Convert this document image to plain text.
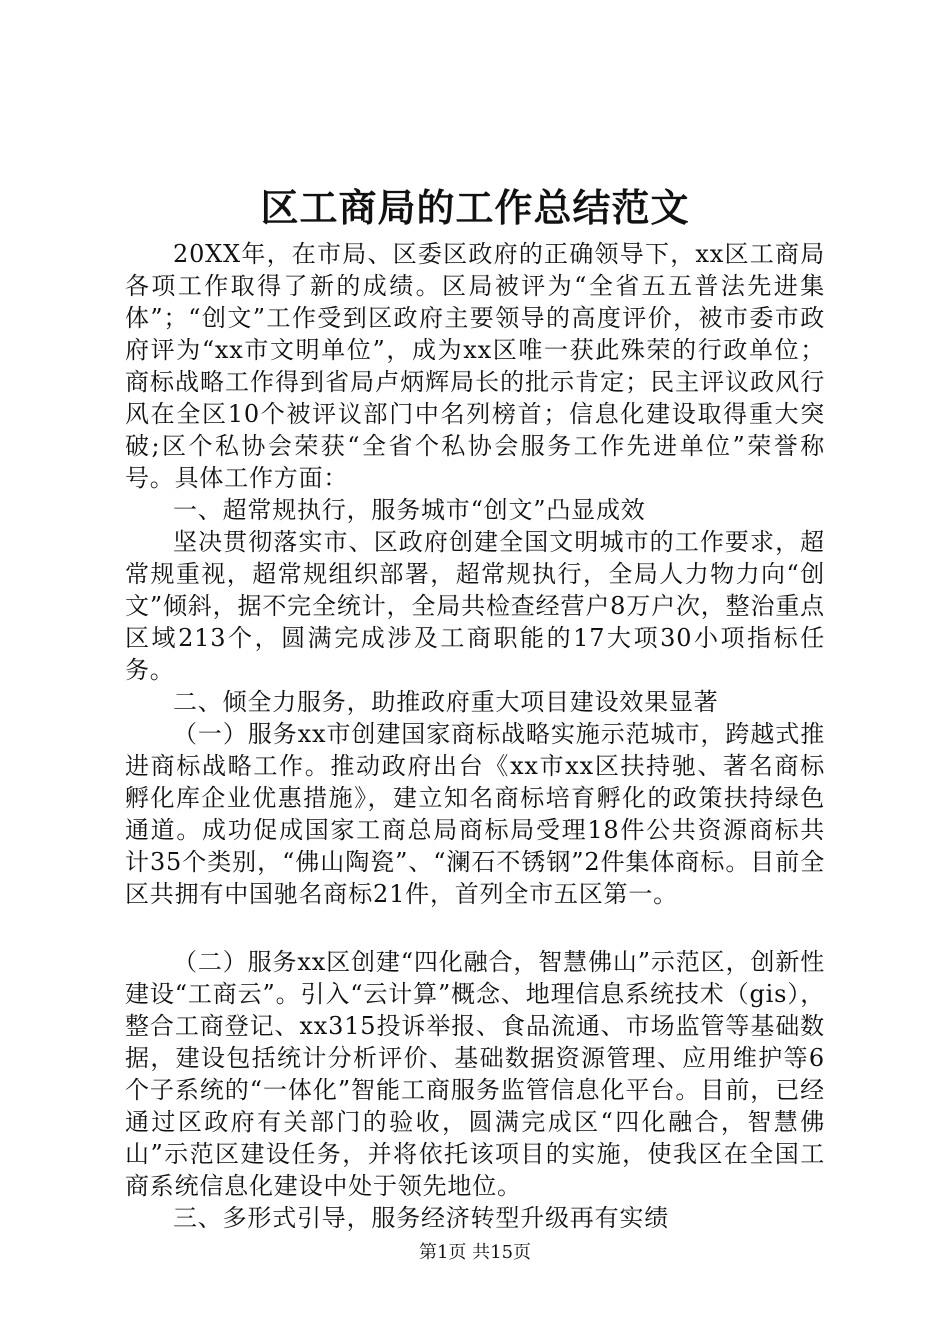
区工商局的工作总结范文

20XX年，在市局、区委区政府的正确领导下，xx区工商局各项工作取得了新的成绩。区局被评为“全省五五普法先进集体”；“创文”工作受到区政府主要领导的高度评价，被市委市政府评为“xx市文明单位”，成为xx区唯一获此殊荣的行政单位；商标战略工作得到省局卢炳辉局长的批示肯定；民主评议政风行风在全区10个被评议部门中名列榜首；信息化建设取得重大突破;区个私协会荣获“全省个私协会服务工作先进单位”荣誉称号。具体工作方面：

一、超常规执行，服务城市“创文”凸显成效

坚决贯彻落实市、区政府创建全国文明城市的工作要求，超常规重视，超常规组织部署，超常规执行，全局人力物力向“创文”倾斜，据不完全统计，全局共检查经营户8万户次，整治重点区域213个，圆满完成涉及工商职能的17大项30小项指标任务。

二、倾全力服务，助推政府重大项目建设效果显著

（一）服务xx市创建国家商标战略实施示范城市，跨越式推进商标战略工作。推动政府出台《xx市xx区扶持驰、著名商标孵化库企业优惠措施》，建立知名商标培育孵化的政策扶持绿色通道。成功促成国家工商总局商标局受理18件公共资源商标共计35个类别，“佛山陶瓷”、“澜石不锈钢”2件集体商标。目前全区共拥有中国驰名商标21件，首列全市五区第一。

（二）服务xx区创建“四化融合，智慧佛山”示范区，创新性建设“工商云”。引入“云计算”概念、地理信息系统技术（gis），整合工商登记、xx315投诉举报、食品流通、市场监管等基础数据，建设包括统计分析评价、基础数据资源管理、应用维护等6个子系统的“一体化”智能工商服务监管信息化平台。目前，已经通过区政府有关部门的验收，圆满完成区“四化融合，智慧佛山”示范区建设任务，并将依托该项目的实施，使我区在全国工商系统信息化建设中处于领先地位。

三、多形式引导，服务经济转型升级再有实绩

第1页 共15页
